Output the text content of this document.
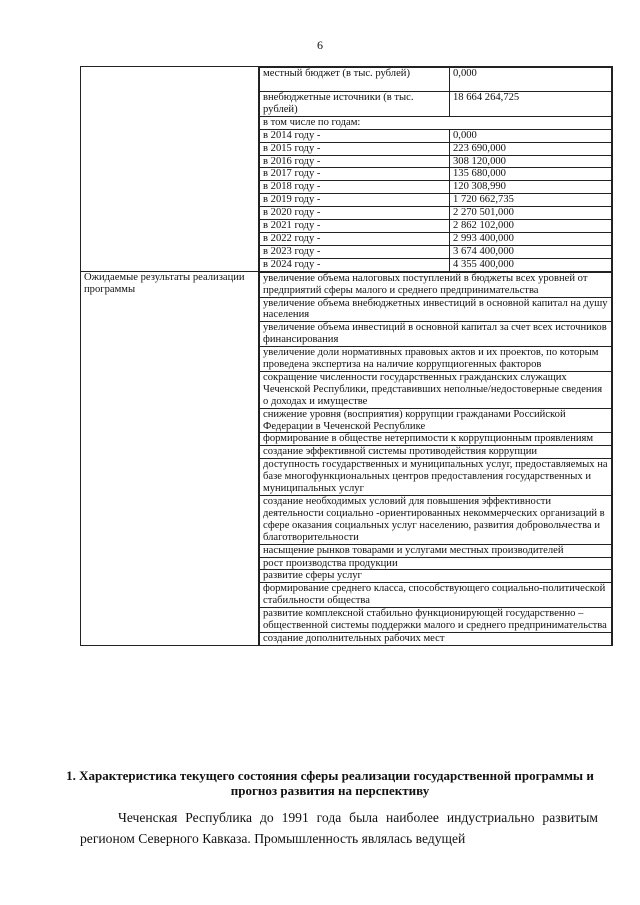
6

местный бюджет (в тыс. рублей)	0,000
внебюджетные источники (в тыс. рублей)	18 664 264,725
в том числе по годам:
в 2014 году -	0,000
в 2015 году -	223 690,000
в 2016 году -	308 120,000
в 2017 году -	135 680,000
в 2018 году -	120 308,990
в 2019 году -	1 720 662,735
в 2020 году -	2 270 501,000
в 2021 году -	2 862 102,000
в 2022 году -	2 993 400,000
в 2023 году -	3 674 400,000
в 2024 году -	4 355 400,000

Ожидаемые результаты реализации программы	
увеличение объема налоговых поступлений в бюджеты всех уровней от предприятий сферы малого и среднего предпринимательства
увеличение объема внебюджетных инвестиций в основной капитал на душу населения
увеличение объема инвестиций в основной капитал за счет всех источников финансирования
увеличение доли нормативных правовых актов и их проектов, по которым проведена экспертиза на наличие коррупциогенных факторов
сокращение численности государственных гражданских служащих Чеченской Республики, представивших неполные/недостоверные сведения о доходах и имуществе
снижение уровня (восприятия) коррупции гражданами Российской Федерации в Чеченской Республике
формирование в обществе нетерпимости к коррупционным проявлениям
создание эффективной системы противодействия коррупции
доступность государственных и муниципальных услуг, предоставляемых на базе многофункциональных центров предоставления государственных и муниципальных услуг
создание необходимых условий для повышения эффективности деятельности социально -ориентированных некоммерческих организаций в сфере оказания социальных услуг населению, развития добровольчества и благотворительности
насыщение рынков товарами и услугами местных производителей
рост производства продукции
развитие сферы услуг
формирование среднего класса, способствующего социально-политической стабильности общества
развитие комплексной стабильно функционирующей государственно – общественной системы поддержки малого и среднего предпринимательства
создание дополнительных рабочих мест
1. Характеристика текущего состояния сферы реализации государственной программы и прогноз развития на перспективу
Чеченская Республика до 1991 года была наиболее индустриально развитым регионом Северного Кавказа. Промышленность являлась ведущей
